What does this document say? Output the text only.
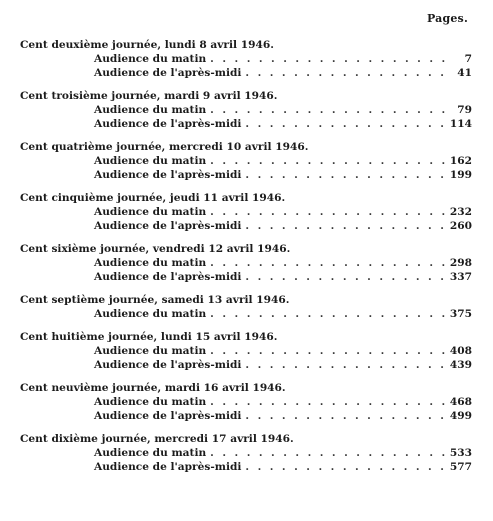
Pages.
Cent deuxième journée, lundi 8 avril 1946.
Audience du matin . . .	7
Audience de l'après-midi . . .	41
Cent troisième journée, mardi 9 avril 1946.
Audience du matin . . .	79
Audience de l'après-midi . . .	114
Cent quatrième journée, mercredi 10 avril 1946.
Audience du matin . . .	162
Audience de l'après-midi . . .	199
Cent cinquième journée, jeudi 11 avril 1946.
Audience du matin . . .	232
Audience de l'après-midi . . .	260
Cent sixième journée, vendredi 12 avril 1946.
Audience du matin . . .	298
Audience de l'après-midi . . .	337
Cent septième journée, samedi 13 avril 1946.
Audience du matin . . .	375
Cent huitième journée, lundi 15 avril 1946.
Audience du matin . . .	408
Audience de l'après-midi . . .	439
Cent neuvième journée, mardi 16 avril 1946.
Audience du matin . . .	468
Audience de l'après-midi . . .	499
Cent dixième journée, mercredi 17 avril 1946.
Audience du matin . . .	533
Audience de l'après-midi . . .	577
